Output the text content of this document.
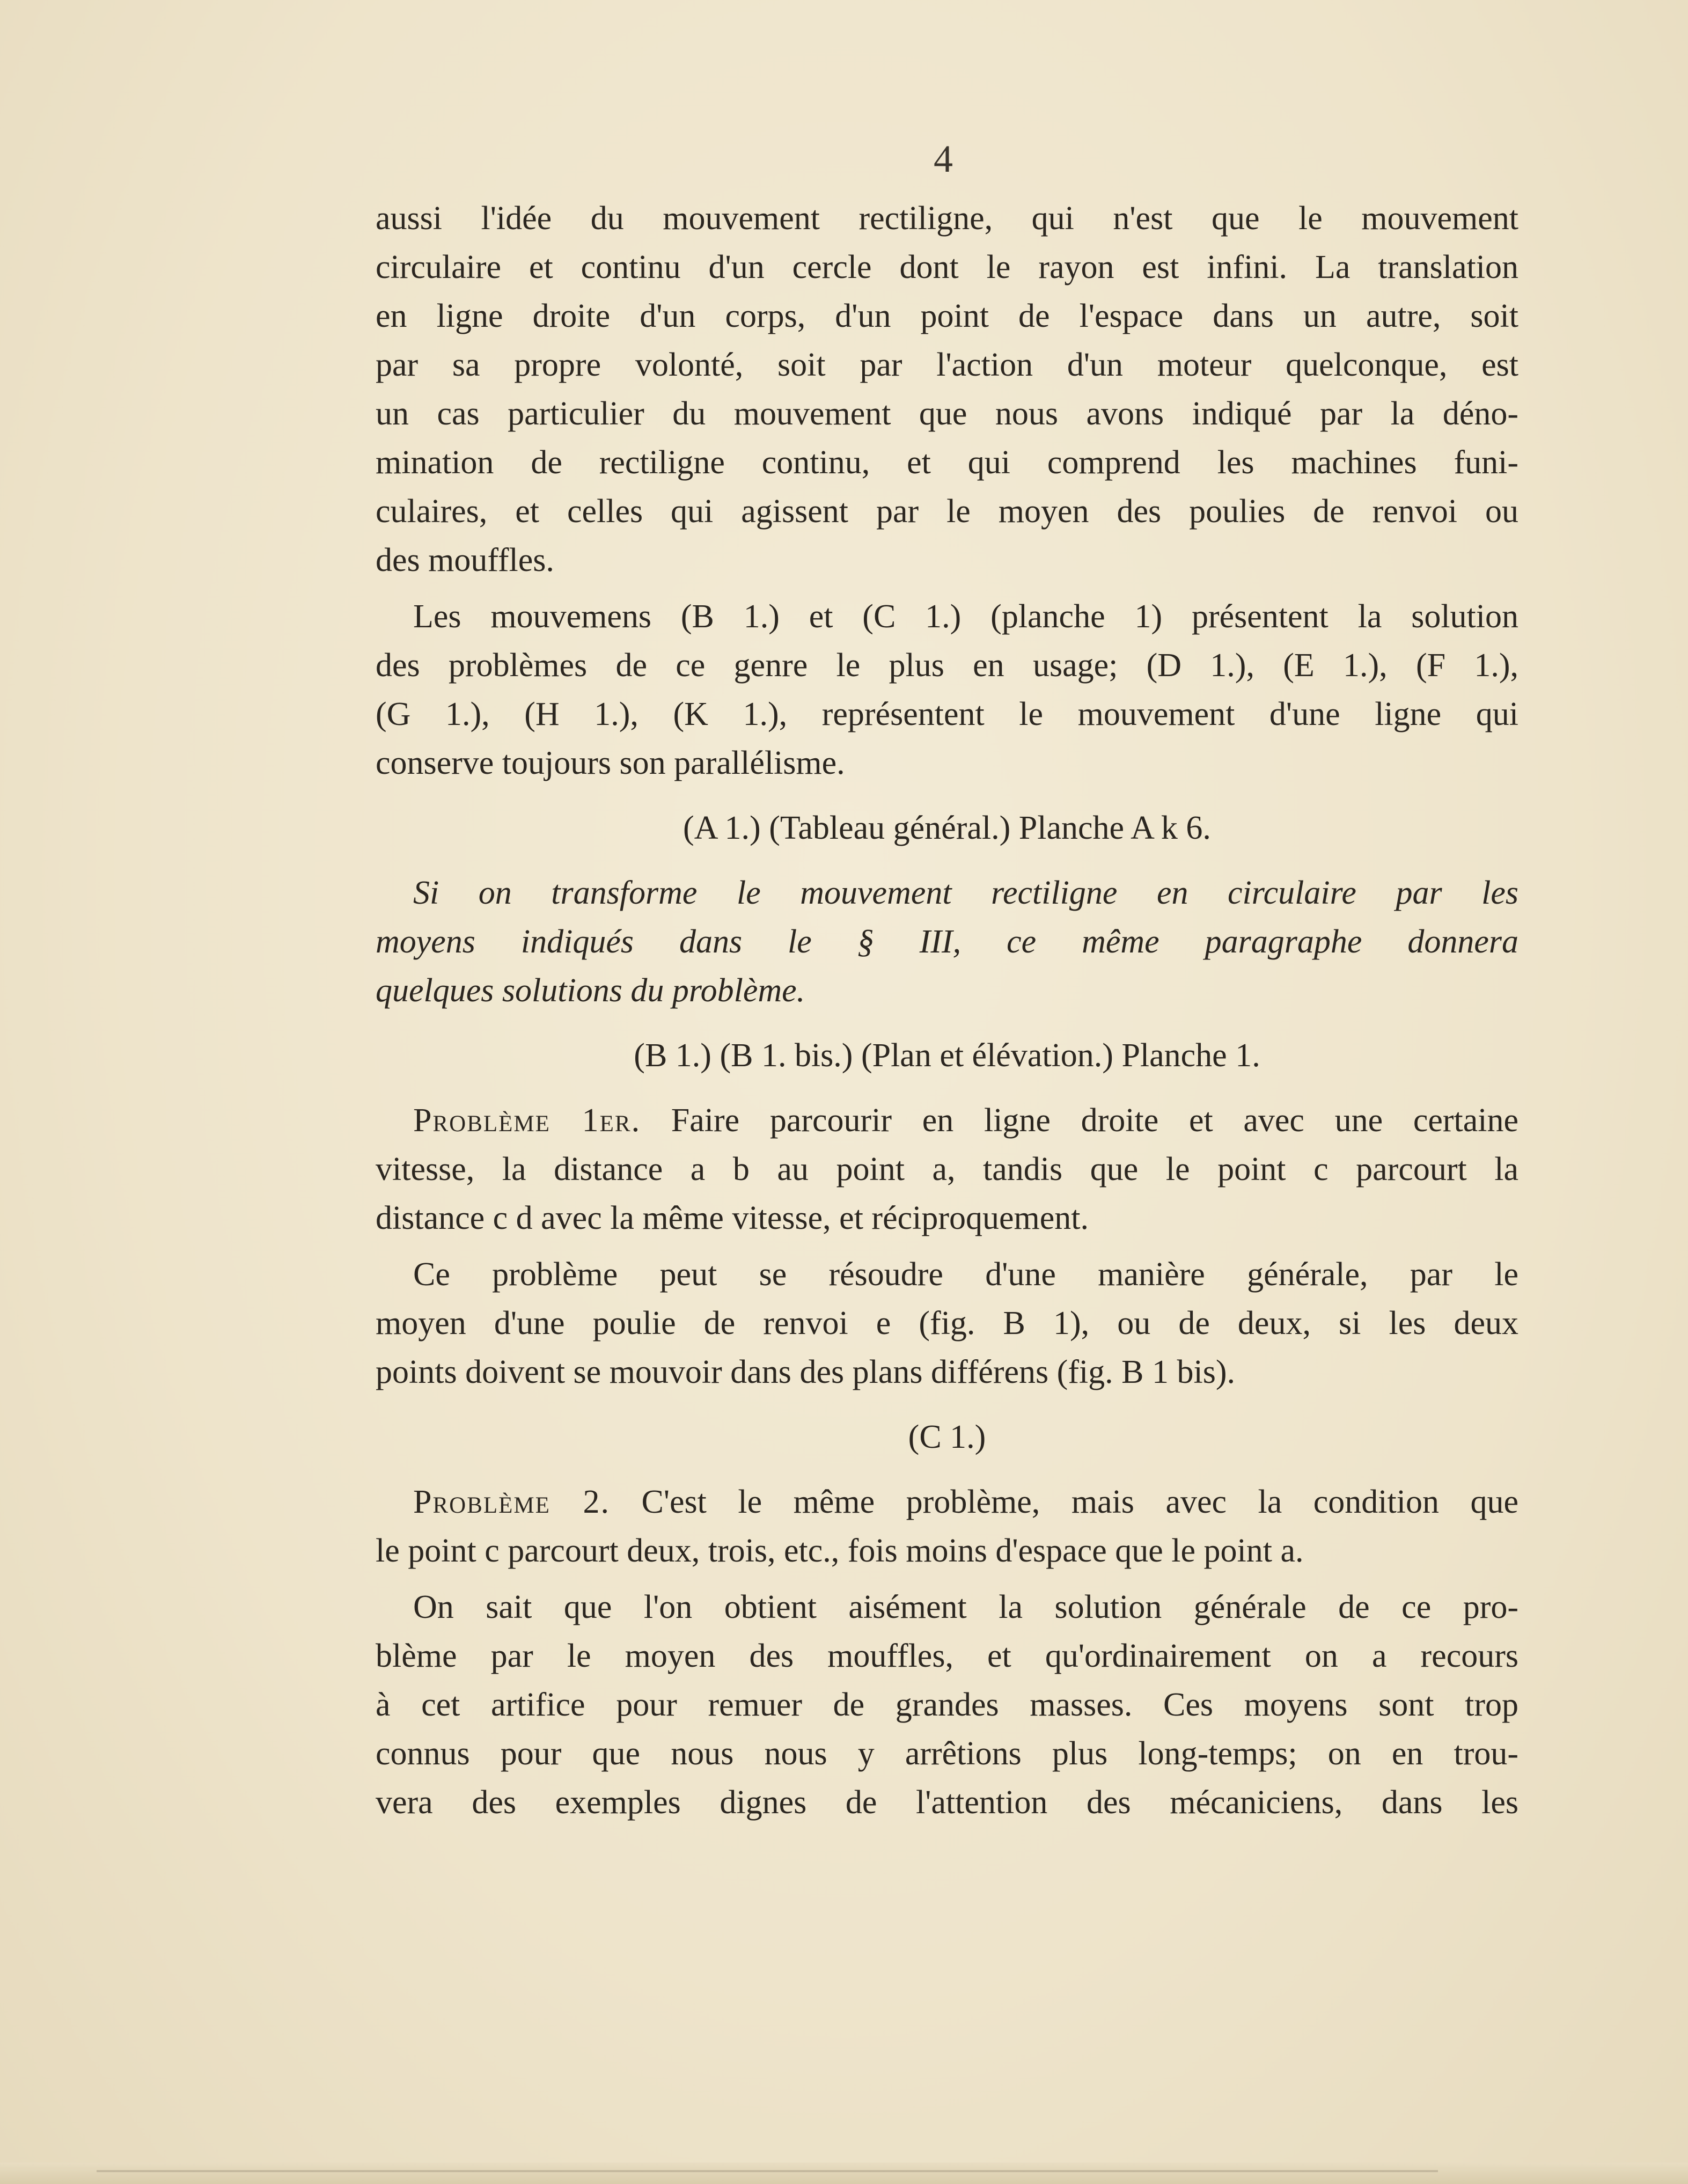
4
aussi l'idée du mouvement rectiligne, qui n'est que le mouvement
circulaire et continu d'un cercle dont le rayon est infini. La translation
en ligne droite d'un corps, d'un point de l'espace dans un autre, soit
par sa propre volonté, soit par l'action d'un moteur quelconque, est
un cas particulier du mouvement que nous avons indiqué par la déno-
mination de rectiligne continu, et qui comprend les machines funi-
culaires, et celles qui agissent par le moyen des poulies de renvoi ou
des mouffles.
Les mouvemens (B 1.) et (C 1.) (planche 1) présentent la solution
des problèmes de ce genre le plus en usage; (D 1.), (E 1.), (F 1.),
(G 1.), (H 1.), (K 1.), représentent le mouvement d'une ligne qui
conserve toujours son parallélisme.
(A 1.) (Tableau général.) Planche A k 6.
Si on transforme le mouvement rectiligne en circulaire par les
moyens indiqués dans le § III, ce même paragraphe donnera
quelques solutions du problème.
(B 1.) (B 1. bis.) (Plan et élévation.) Planche 1.
Problème 1er. Faire parcourir en ligne droite et avec une certaine
vitesse, la distance a b au point a, tandis que le point c parcourt la
distance c d avec la même vitesse, et réciproquement.
Ce problème peut se résoudre d'une manière générale, par le
moyen d'une poulie de renvoi e (fig. B 1), ou de deux, si les deux
points doivent se mouvoir dans des plans différens (fig. B 1 bis).
(C 1.)
Problème 2. C'est le même problème, mais avec la condition que
le point c parcourt deux, trois, etc., fois moins d'espace que le point a.
On sait que l'on obtient aisément la solution générale de ce pro-
blème par le moyen des mouffles, et qu'ordinairement on a recours
à cet artifice pour remuer de grandes masses. Ces moyens sont trop
connus pour que nous nous y arrêtions plus long-temps; on en trou-
vera des exemples dignes de l'attention des mécaniciens, dans les
